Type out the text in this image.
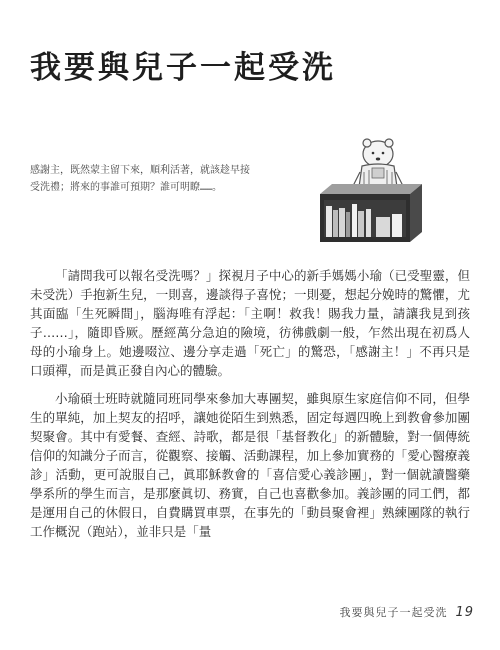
我要與兒子一起受洗

感謝主，既然蒙主留下來，順利活著，就該趁早接

受洗禮；將來的事誰可預期？誰可明瞭……。

「請問我可以報名受洗嗎？」探視月子中心的新手媽媽小瑜（已受聖靈，但未受洗）手抱新生兒，一則喜，邊談得子喜悅；一則憂，想起分娩時的驚懼，尤其面臨「生死瞬間」，腦海唯有浮起：「主啊！救我！賜我力量，請讓我見到孩子……」，隨即昏厥。歷經萬分急迫的險境，彷彿戲劇一般，乍然出現在初爲人母的小瑜身上。她邊啜泣、邊分享走過「死亡」的驚恐，「感謝主！」不再只是口頭禪，而是眞正發自內心的體驗。

小瑜碩士班時就隨同班同學來參加大專團契，雖與原生家庭信仰不同，但學生的單純，加上契友的招呼，讓她從陌生到熟悉，固定每週四晚上到教會參加團契聚會。其中有愛餐、查經、詩歌，都是很「基督教化」的新體驗，對一個傳統信仰的知識分子而言，從觀察、接觸、活動課程，加上參加實務的「愛心醫療義診」活動，更可說服自己，眞耶穌教會的「喜信愛心義診團」，對一個就讀醫藥學系所的學生而言，是那麼眞切、務實，自己也喜歡參加。義診團的同工們，都是運用自己的休假日，自費購買車票，在事先的「動員聚會裡」熟練團隊的執行工作概況（跑站），並非只是「量

我要與兒子一起受洗 19
